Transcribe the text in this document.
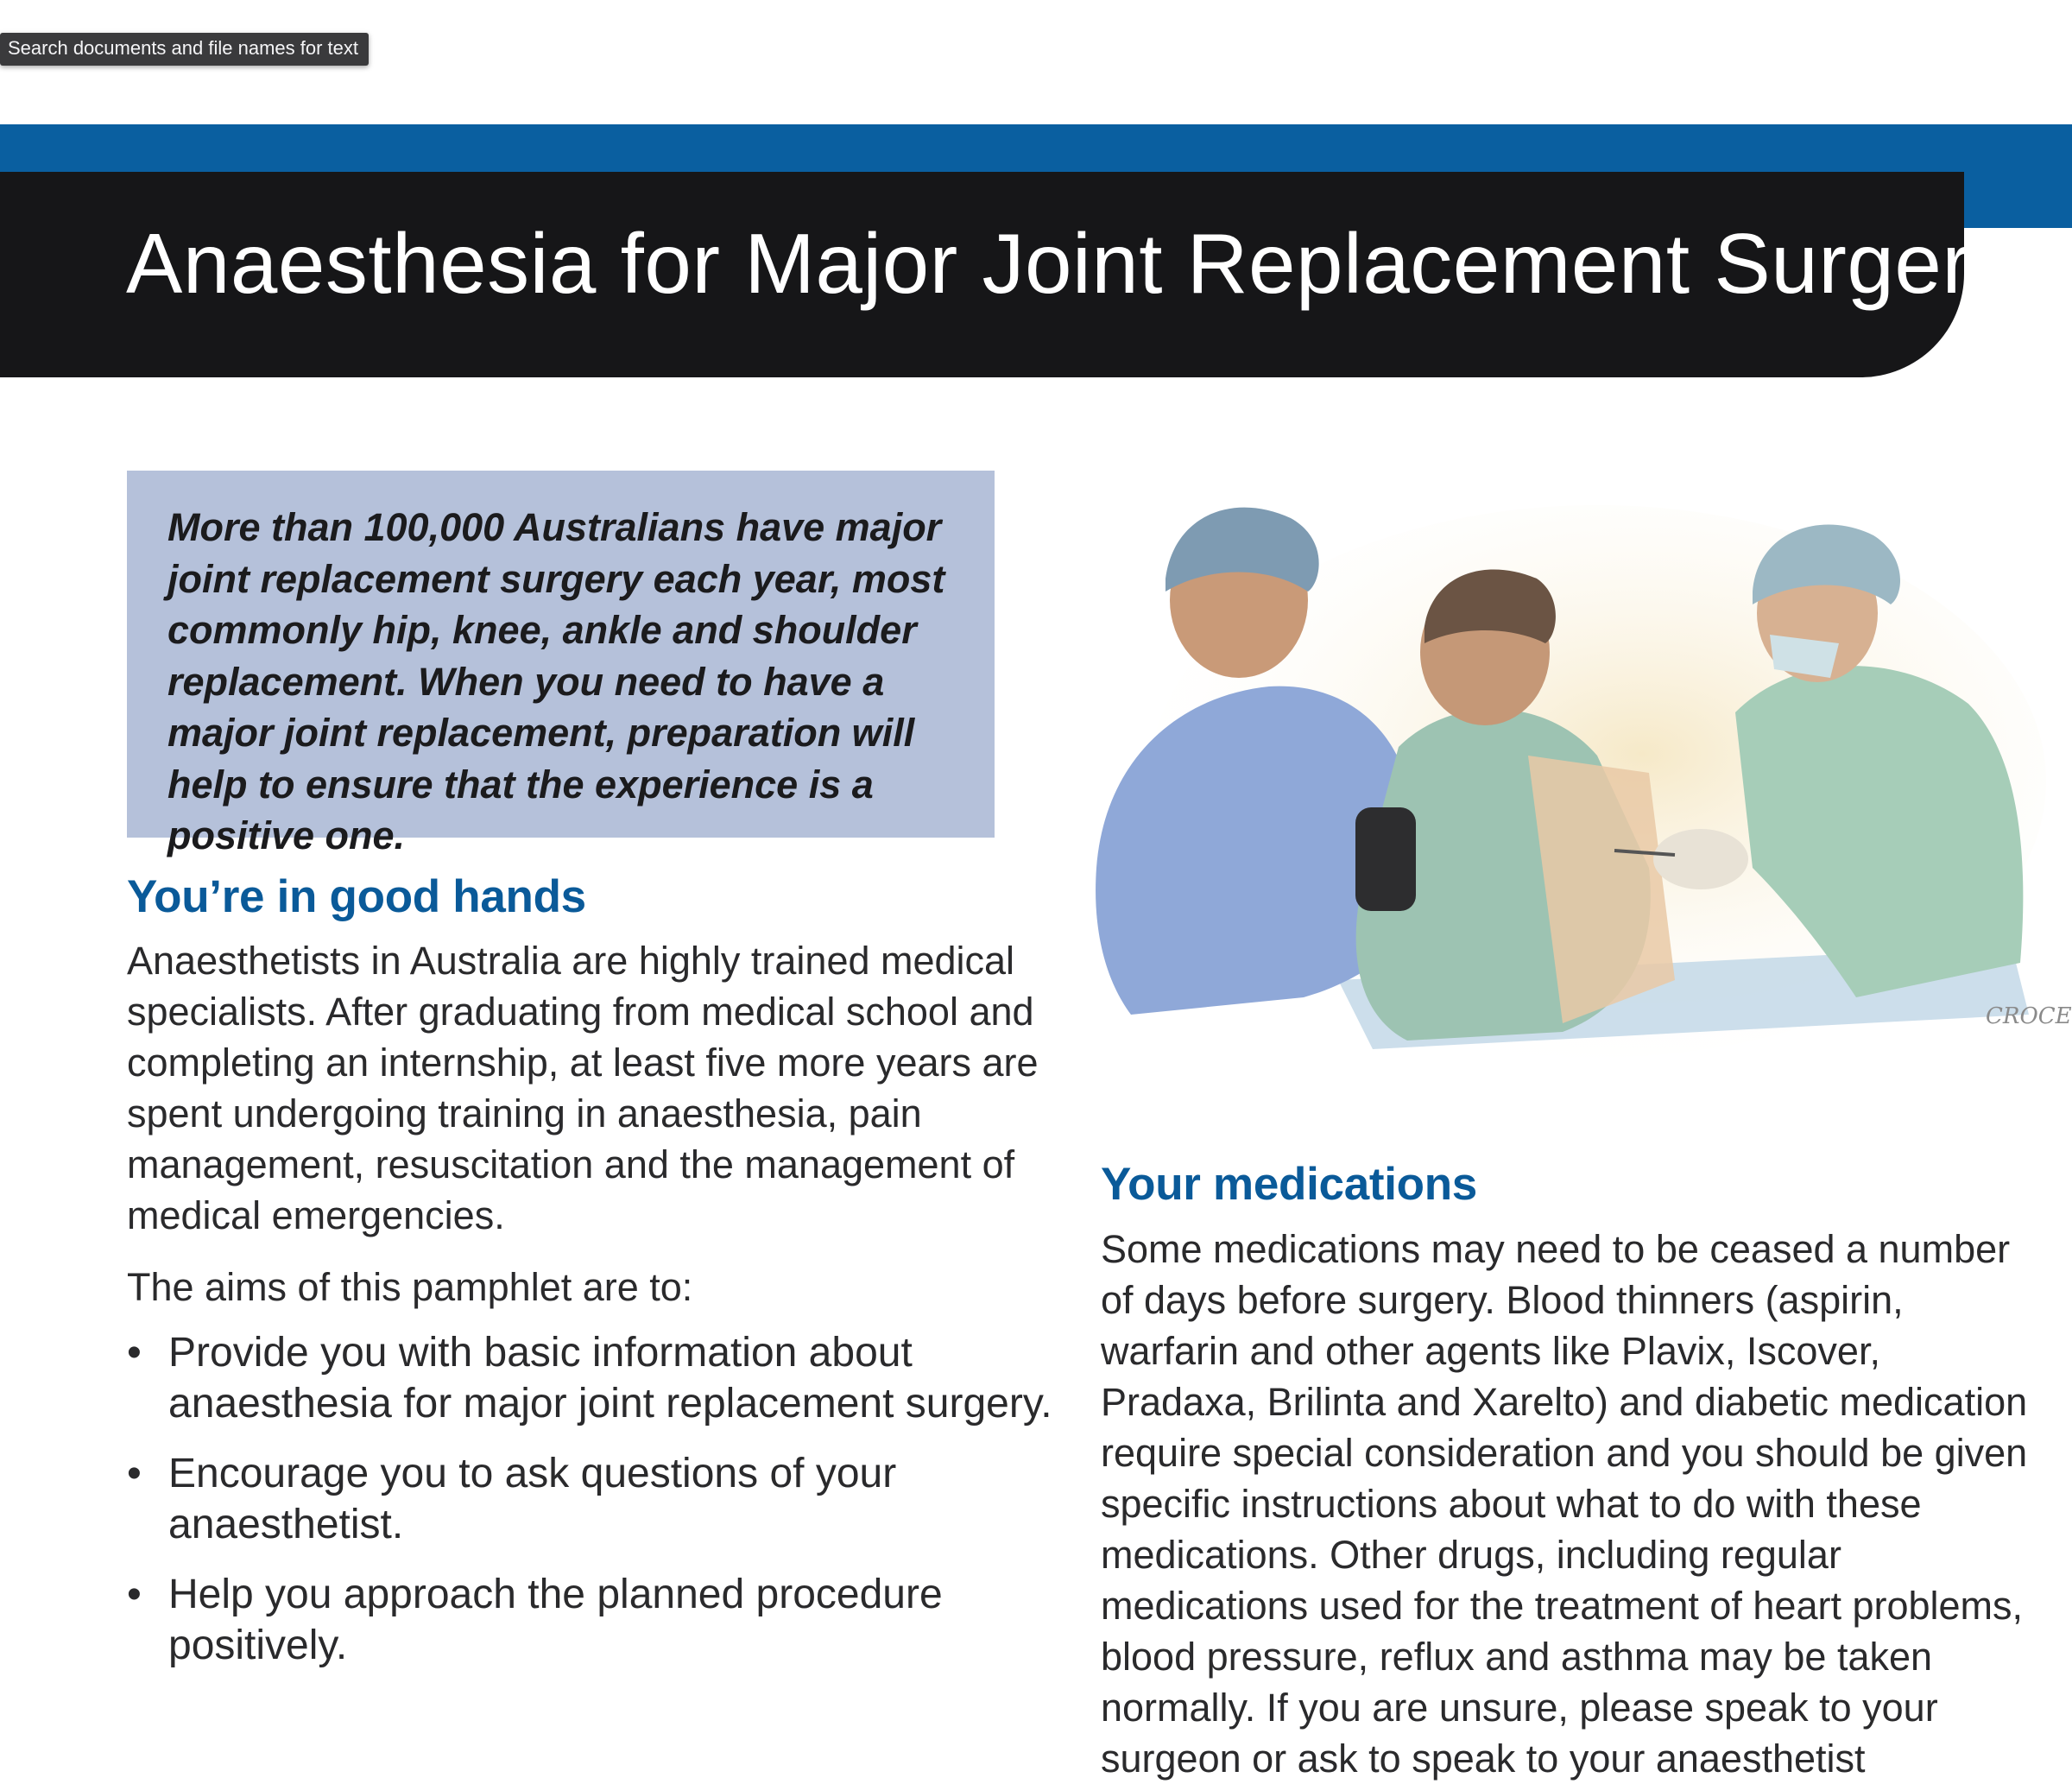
Search documents and file names for text
Anaesthesia for Major Joint Replacement Surgery
More than 100,000 Australians have major joint replacement surgery each year, most commonly hip, knee, ankle and shoulder replacement. When you need to have a major joint replacement, preparation will help to ensure that the experience is a positive one.
You’re in good hands
Anaesthetists in Australia are highly trained medical specialists. After graduating from medical school and completing an internship, at least five more years are spent undergoing training in anaesthesia, pain management, resuscitation and the management of medical emergencies.
The aims of this pamphlet are to:
• Provide you with basic information about anaesthesia for major joint replacement surgery.
• Encourage you to ask questions of your anaesthetist.
• Help you approach the planned procedure positively.
CROCE
Your medications
Some medications may need to be ceased a number of days before surgery. Blood thinners (aspirin, warfarin and other agents like Plavix, Iscover, Pradaxa, Brilinta and Xarelto) and diabetic medication require special consideration and you should be given specific instructions about what to do with these medications. Other drugs, including regular medications used for the treatment of heart problems, blood pressure, reflux and asthma may be taken normally. If you are unsure, please speak to your surgeon or ask to speak to your anaesthetist
